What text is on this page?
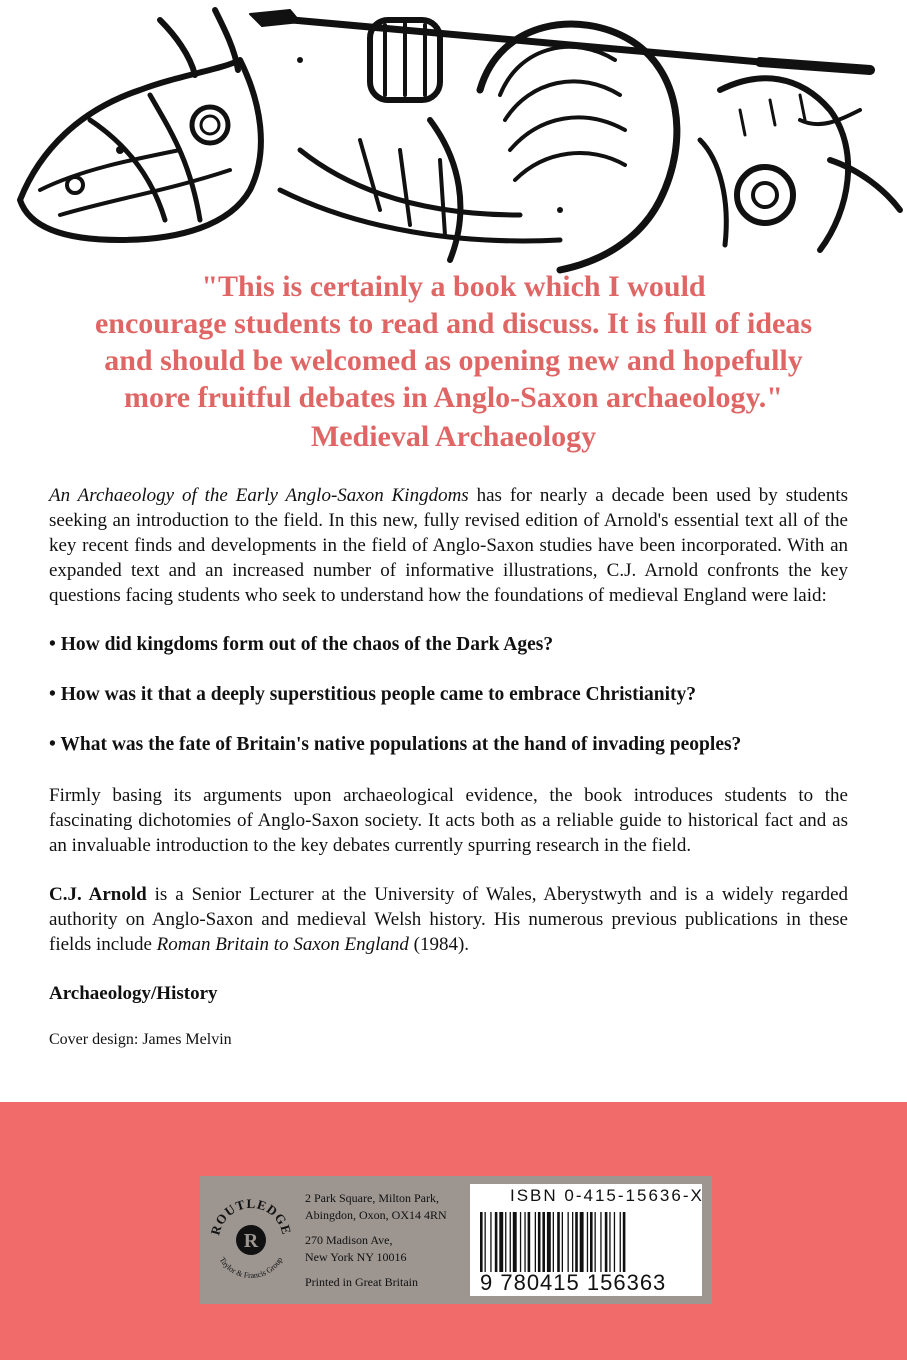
"This is certainly a book which I would
encourage students to read and discuss. It is full of ideas
and should be welcomed as opening new and hopefully
more fruitful debates in Anglo-Saxon archaeology."
Medieval Archaeology

An Archaeology of the Early Anglo-Saxon Kingdoms has for nearly a decade been used by students seeking an introduction to the field. In this new, fully revised edition of Arnold's essential text all of the key recent finds and developments in the field of Anglo-Saxon studies have been incorporated. With an expanded text and an increased number of informative illustrations, C.J. Arnold confronts the key questions facing students who seek to understand how the foundations of medieval England were laid:

• How did kingdoms form out of the chaos of the Dark Ages?

• How was it that a deeply superstitious people came to embrace Christianity?

• What was the fate of Britain's native populations at the hand of invading peoples?

Firmly basing its arguments upon archaeological evidence, the book introduces students to the fascinating dichotomies of Anglo-Saxon society. It acts both as a reliable guide to historical fact and as an invaluable introduction to the key debates currently spurring research in the field.

C.J. Arnold is a Senior Lecturer at the University of Wales, Aberystwyth and is a widely regarded authority on Anglo-Saxon and medieval Welsh history. His numerous previous publications in these fields include Roman Britain to Saxon England (1984).

Archaeology/History

Cover design: James Melvin

ROUTLEDGE
Taylor & Francis Group
R
2 Park Square, Milton Park,
Abingdon, Oxon, OX14 4RN
270 Madison Ave,
New York NY 10016
Printed in Great Britain
ISBN 0-415-15636-X
9 780415 156363
